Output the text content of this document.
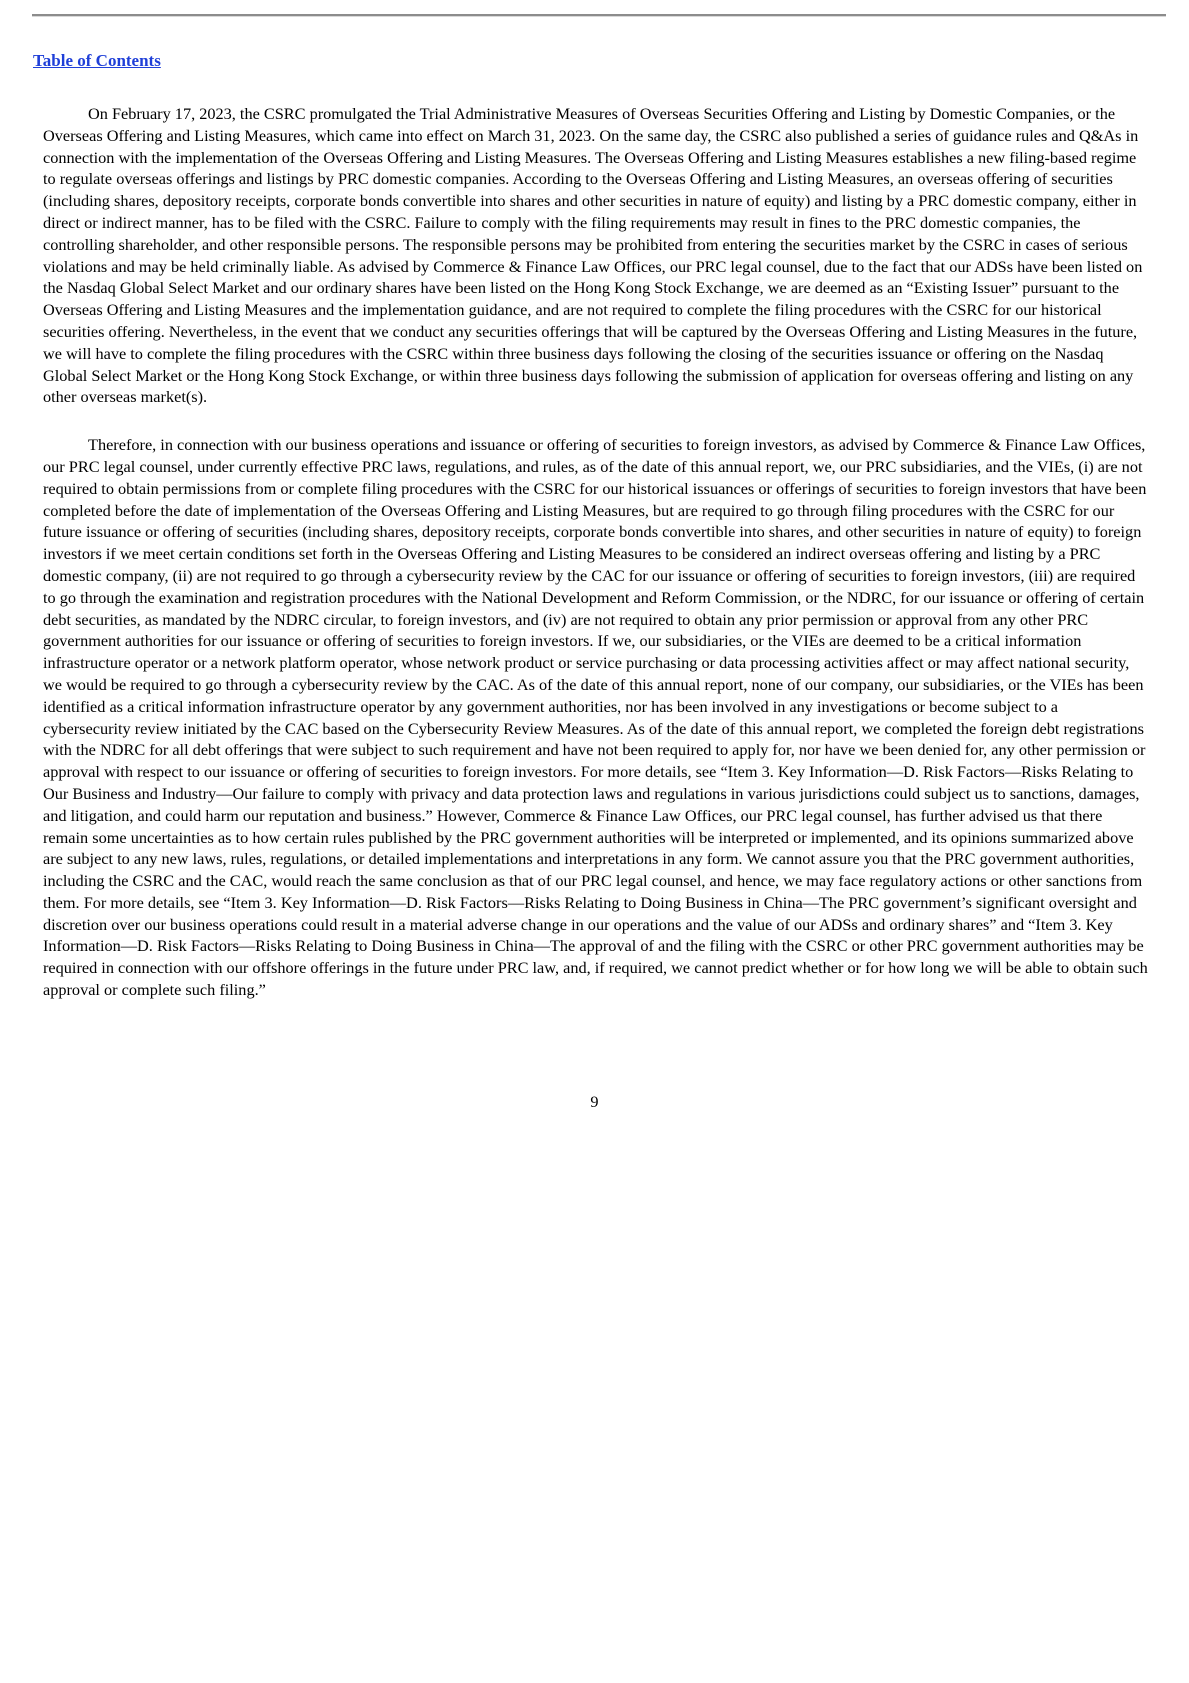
Table of Contents

On February 17, 2023, the CSRC promulgated the Trial Administrative Measures of Overseas Securities Offering and Listing by Domestic Companies, or the Overseas Offering and Listing Measures, which came into effect on March 31, 2023. On the same day, the CSRC also published a series of guidance rules and Q&As in connection with the implementation of the Overseas Offering and Listing Measures. The Overseas Offering and Listing Measures establishes a new filing-based regime to regulate overseas offerings and listings by PRC domestic companies. According to the Overseas Offering and Listing Measures, an overseas offering of securities (including shares, depository receipts, corporate bonds convertible into shares and other securities in nature of equity) and listing by a PRC domestic company, either in direct or indirect manner, has to be filed with the CSRC. Failure to comply with the filing requirements may result in fines to the PRC domestic companies, the controlling shareholder, and other responsible persons. The responsible persons may be prohibited from entering the securities market by the CSRC in cases of serious violations and may be held criminally liable. As advised by Commerce & Finance Law Offices, our PRC legal counsel, due to the fact that our ADSs have been listed on the Nasdaq Global Select Market and our ordinary shares have been listed on the Hong Kong Stock Exchange, we are deemed as an “Existing Issuer” pursuant to the Overseas Offering and Listing Measures and the implementation guidance, and are not required to complete the filing procedures with the CSRC for our historical securities offering. Nevertheless, in the event that we conduct any securities offerings that will be captured by the Overseas Offering and Listing Measures in the future, we will have to complete the filing procedures with the CSRC within three business days following the closing of the securities issuance or offering on the Nasdaq Global Select Market or the Hong Kong Stock Exchange, or within three business days following the submission of application for overseas offering and listing on any other overseas market(s).

Therefore, in connection with our business operations and issuance or offering of securities to foreign investors, as advised by Commerce & Finance Law Offices, our PRC legal counsel, under currently effective PRC laws, regulations, and rules, as of the date of this annual report, we, our PRC subsidiaries, and the VIEs, (i) are not required to obtain permissions from or complete filing procedures with the CSRC for our historical issuances or offerings of securities to foreign investors that have been completed before the date of implementation of the Overseas Offering and Listing Measures, but are required to go through filing procedures with the CSRC for our future issuance or offering of securities (including shares, depository receipts, corporate bonds convertible into shares, and other securities in nature of equity) to foreign investors if we meet certain conditions set forth in the Overseas Offering and Listing Measures to be considered an indirect overseas offering and listing by a PRC domestic company, (ii) are not required to go through a cybersecurity review by the CAC for our issuance or offering of securities to foreign investors, (iii) are required to go through the examination and registration procedures with the National Development and Reform Commission, or the NDRC, for our issuance or offering of certain debt securities, as mandated by the NDRC circular, to foreign investors, and (iv) are not required to obtain any prior permission or approval from any other PRC government authorities for our issuance or offering of securities to foreign investors. If we, our subsidiaries, or the VIEs are deemed to be a critical information infrastructure operator or a network platform operator, whose network product or service purchasing or data processing activities affect or may affect national security, we would be required to go through a cybersecurity review by the CAC. As of the date of this annual report, none of our company, our subsidiaries, or the VIEs has been identified as a critical information infrastructure operator by any government authorities, nor has been involved in any investigations or become subject to a cybersecurity review initiated by the CAC based on the Cybersecurity Review Measures. As of the date of this annual report, we completed the foreign debt registrations with the NDRC for all debt offerings that were subject to such requirement and have not been required to apply for, nor have we been denied for, any other permission or approval with respect to our issuance or offering of securities to foreign investors. For more details, see “Item 3. Key Information—D. Risk Factors—Risks Relating to Our Business and Industry—Our failure to comply with privacy and data protection laws and regulations in various jurisdictions could subject us to sanctions, damages, and litigation, and could harm our reputation and business.” However, Commerce & Finance Law Offices, our PRC legal counsel, has further advised us that there remain some uncertainties as to how certain rules published by the PRC government authorities will be interpreted or implemented, and its opinions summarized above are subject to any new laws, rules, regulations, or detailed implementations and interpretations in any form. We cannot assure you that the PRC government authorities, including the CSRC and the CAC, would reach the same conclusion as that of our PRC legal counsel, and hence, we may face regulatory actions or other sanctions from them. For more details, see “Item 3. Key Information—D. Risk Factors—Risks Relating to Doing Business in China—The PRC government’s significant oversight and discretion over our business operations could result in a material adverse change in our operations and the value of our ADSs and ordinary shares” and “Item 3. Key Information—D. Risk Factors—Risks Relating to Doing Business in China—The approval of and the filing with the CSRC or other PRC government authorities may be required in connection with our offshore offerings in the future under PRC law, and, if required, we cannot predict whether or for how long we will be able to obtain such approval or complete such filing.”

9
